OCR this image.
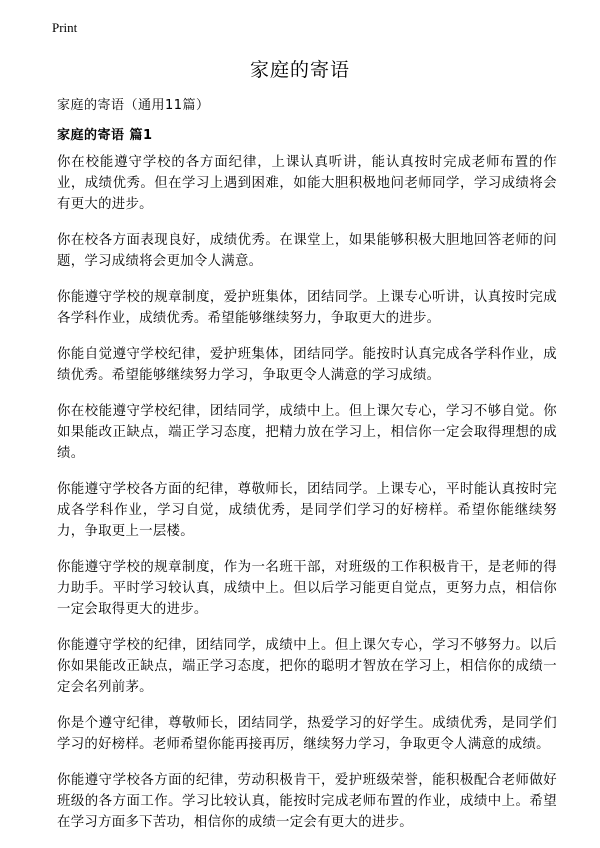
Print
家庭的寄语
家庭的寄语（通用11篇）
家庭的寄语 篇1

你在校能遵守学校的各方面纪律，上课认真听讲，能认真按时完成老师布置的作业，成绩优秀。但在学习上遇到困难，如能大胆积极地问老师同学，学习成绩将会有更大的进步。

你在校各方面表现良好，成绩优秀。在课堂上，如果能够积极大胆地回答老师的问题，学习成绩将会更加令人满意。

你能遵守学校的规章制度，爱护班集体，团结同学。上课专心听讲，认真按时完成各学科作业，成绩优秀。希望能够继续努力，争取更大的进步。

你能自觉遵守学校纪律，爱护班集体，团结同学。能按时认真完成各学科作业，成绩优秀。希望能够继续努力学习，争取更令人满意的学习成绩。

你在校能遵守学校纪律，团结同学，成绩中上。但上课欠专心，学习不够自觉。你如果能改正缺点，端正学习态度，把精力放在学习上，相信你一定会取得理想的成绩。

你能遵守学校各方面的纪律，尊敬师长，团结同学。上课专心，平时能认真按时完成各学科作业，学习自觉，成绩优秀，是同学们学习的好榜样。希望你能继续努力，争取更上一层楼。

你能遵守学校的规章制度，作为一名班干部，对班级的工作积极肯干，是老师的得力助手。平时学习较认真，成绩中上。但以后学习能更自觉点，更努力点，相信你一定会取得更大的进步。

你能遵守学校的纪律，团结同学，成绩中上。但上课欠专心，学习不够努力。以后你如果能改正缺点，端正学习态度，把你的聪明才智放在学习上，相信你的成绩一定会名列前茅。

你是个遵守纪律，尊敬师长，团结同学，热爱学习的好学生。成绩优秀，是同学们学习的好榜样。老师希望你能再接再厉，继续努力学习，争取更令人满意的成绩。

你能遵守学校各方面的纪律，劳动积极肯干，爱护班级荣誉，能积极配合老师做好班级的各方面工作。学习比较认真，能按时完成老师布置的作业，成绩中上。希望在学习方面多下苦功，相信你的成绩一定会有更大的进步。
